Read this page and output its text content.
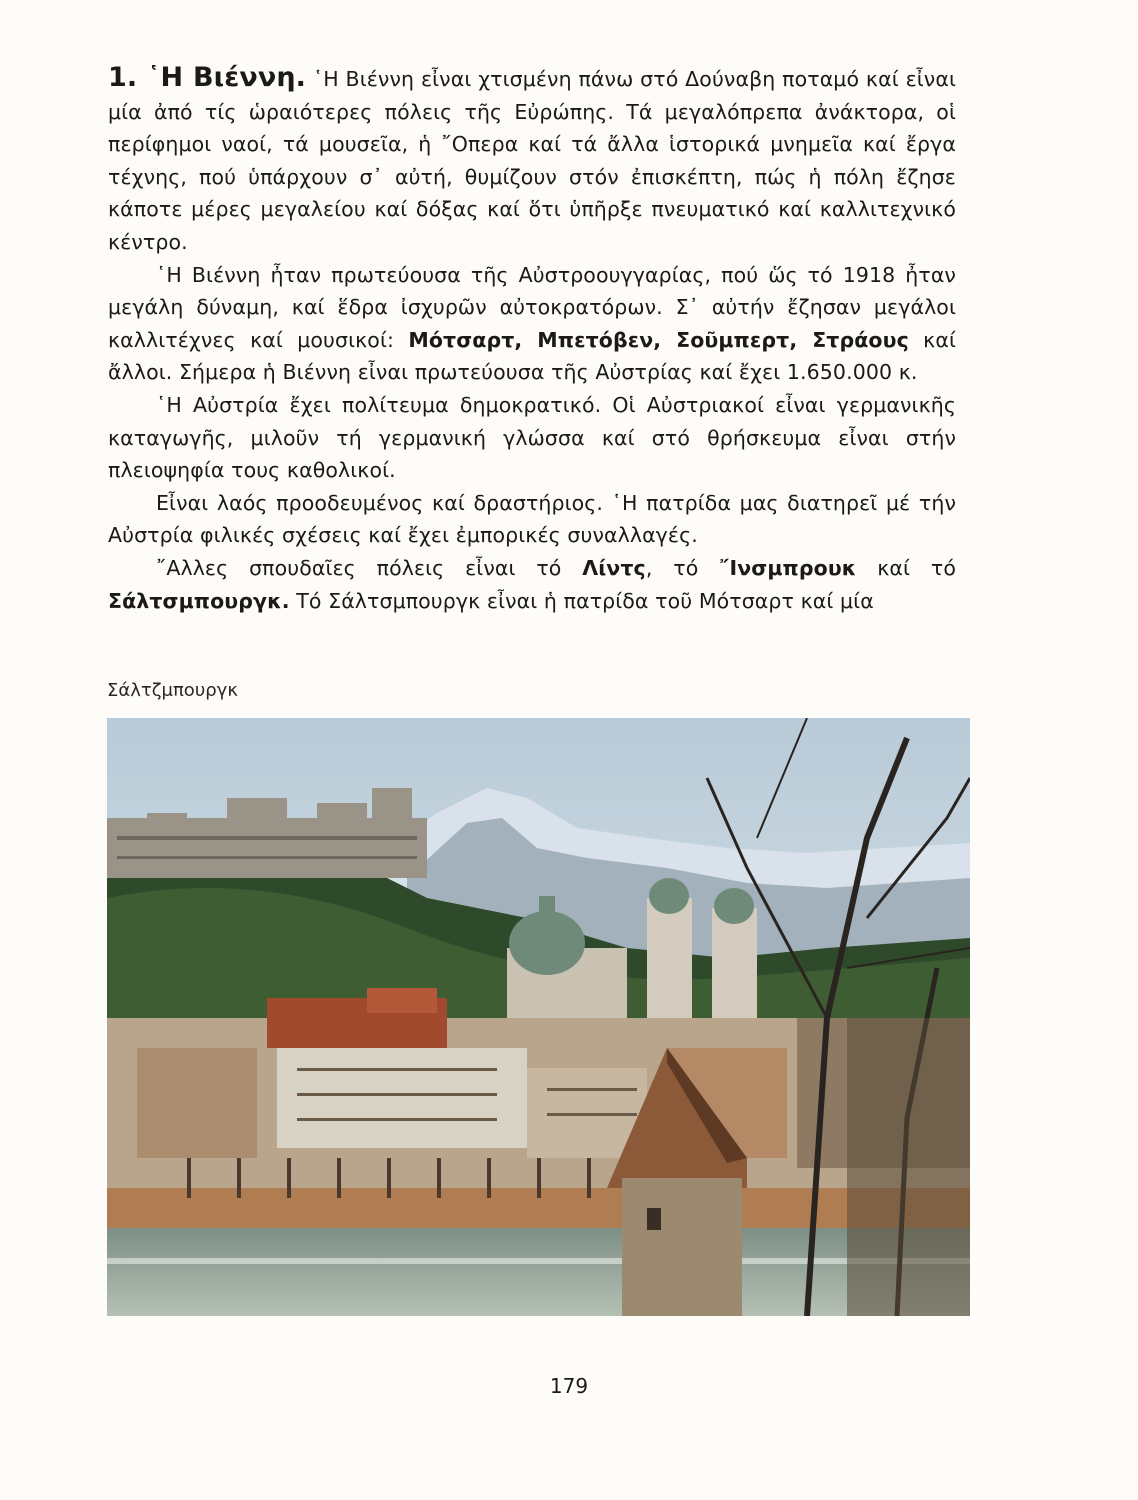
1. ῾Η Βιέννη. ῾Η Βιέννη εἶναι χτισμένη πάνω στό Δούναβη ποταμό καί εἶναι μία ἀπό τίς ὡραιότερες πόλεις τῆς Εὐρώπης. Τά μεγαλόπρεπα ἀνάκτορα, οἱ περίφημοι ναοί, τά μουσεῖα, ἡ ῎Οπερα καί τά ἄλλα ἱστορικά μνημεῖα καί ἔργα τέχνης, πού ὑπάρχουν σ᾽ αὐτή, θυμίζουν στόν ἐπισκέπτη, πώς ἡ πόλη ἔζησε κάποτε μέρες μεγαλείου καί δόξας καί ὅτι ὑπῆρξε πνευματικό καί καλλιτεχνικό κέντρο.

῾Η Βιέννη ἦταν πρωτεύουσα τῆς Αὐστροουγγαρίας, πού ὥς τό 1918 ἦταν μεγάλη δύναμη, καί ἕδρα ἰσχυρῶν αὐτοκρατόρων. Σ᾽ αὐτήν ἔζησαν μεγάλοι καλλιτέχνες καί μουσικοί: Μότσαρτ, Μπετόβεν, Σοῦμπερτ, Στράους καί ἄλλοι. Σήμερα ἡ Βιέννη εἶναι πρωτεύουσα τῆς Αὐστρίας καί ἔχει 1.650.000 κ.

῾Η Αὐστρία ἔχει πολίτευμα δημοκρατικό. Οἱ Αὐστριακοί εἶναι γερμανικῆς καταγωγῆς, μιλοῦν τή γερμανική γλώσσα καί στό θρήσκευμα εἶναι στήν πλειοψηφία τους καθολικοί.

Εἶναι λαός προοδευμένος καί δραστήριος. ῾Η πατρίδα μας διατηρεῖ μέ τήν Αὐστρία φιλικές σχέσεις καί ἔχει ἐμπορικές συναλλαγές.

῎Αλλες σπουδαῖες πόλεις εἶναι τό Λίντς, τό ῎Ινσμπρουκ καί τό Σάλτσμπουργκ. Τό Σάλτσμπουργκ εἶναι ἡ πατρίδα τοῦ Μότσαρτ καί μία

Σάλτζμπουργκ
179
